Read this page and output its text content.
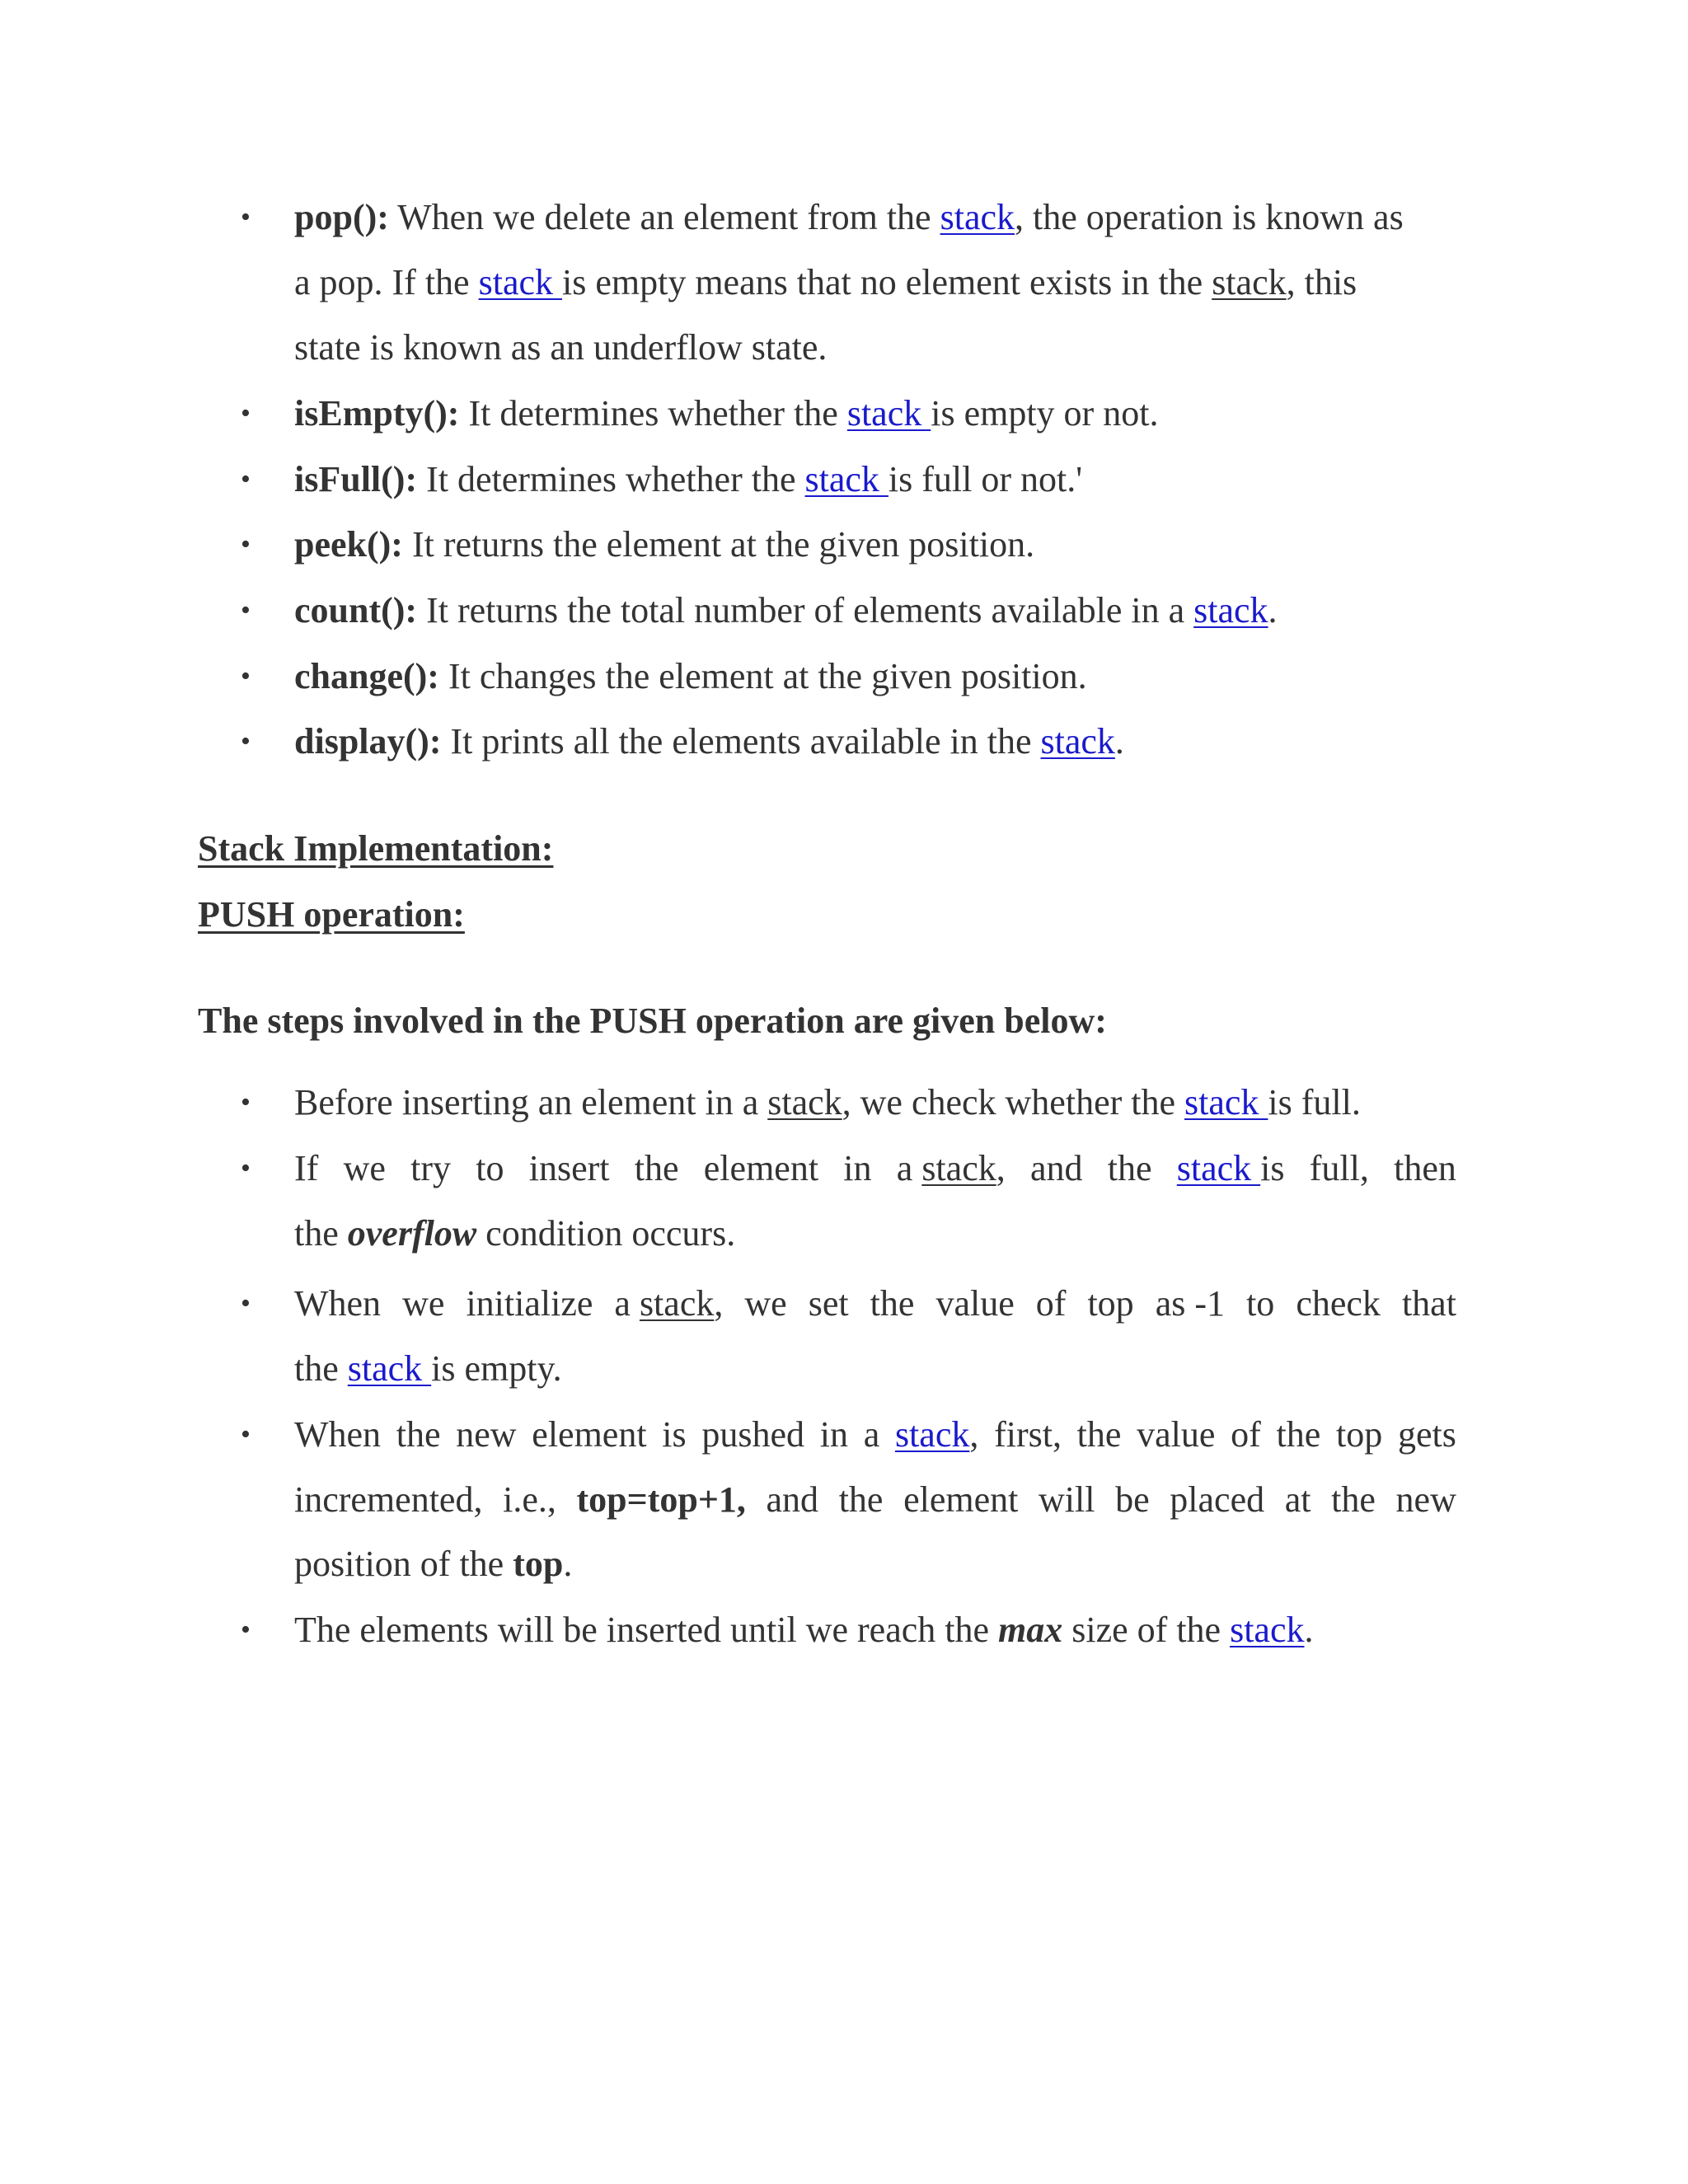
• pop(): When we delete an element from the stack, the operation is known as
a pop. If the stack is empty means that no element exists in the stack, this
state is known as an underflow state.
• isEmpty(): It determines whether the stack is empty or not.
• isFull(): It determines whether the stack is full or not.'
• peek(): It returns the element at the given position.
• count(): It returns the total number of elements available in a stack.
• change(): It changes the element at the given position.
• display(): It prints all the elements available in the stack.
Stack Implementation:
PUSH operation:
The steps involved in the PUSH operation are given below:
• Before inserting an element in a stack, we check whether the stack is full.
• If we try to insert the element in a stack, and the stack is full, then
the overflow condition occurs.
• When we initialize a stack, we set the value of top as -1 to check that
the stack is empty.
• When the new element is pushed in a stack, first, the value of the top gets
incremented, i.e., top=top+1, and the element will be placed at the new
position of the top.
• The elements will be inserted until we reach the max size of the stack.
